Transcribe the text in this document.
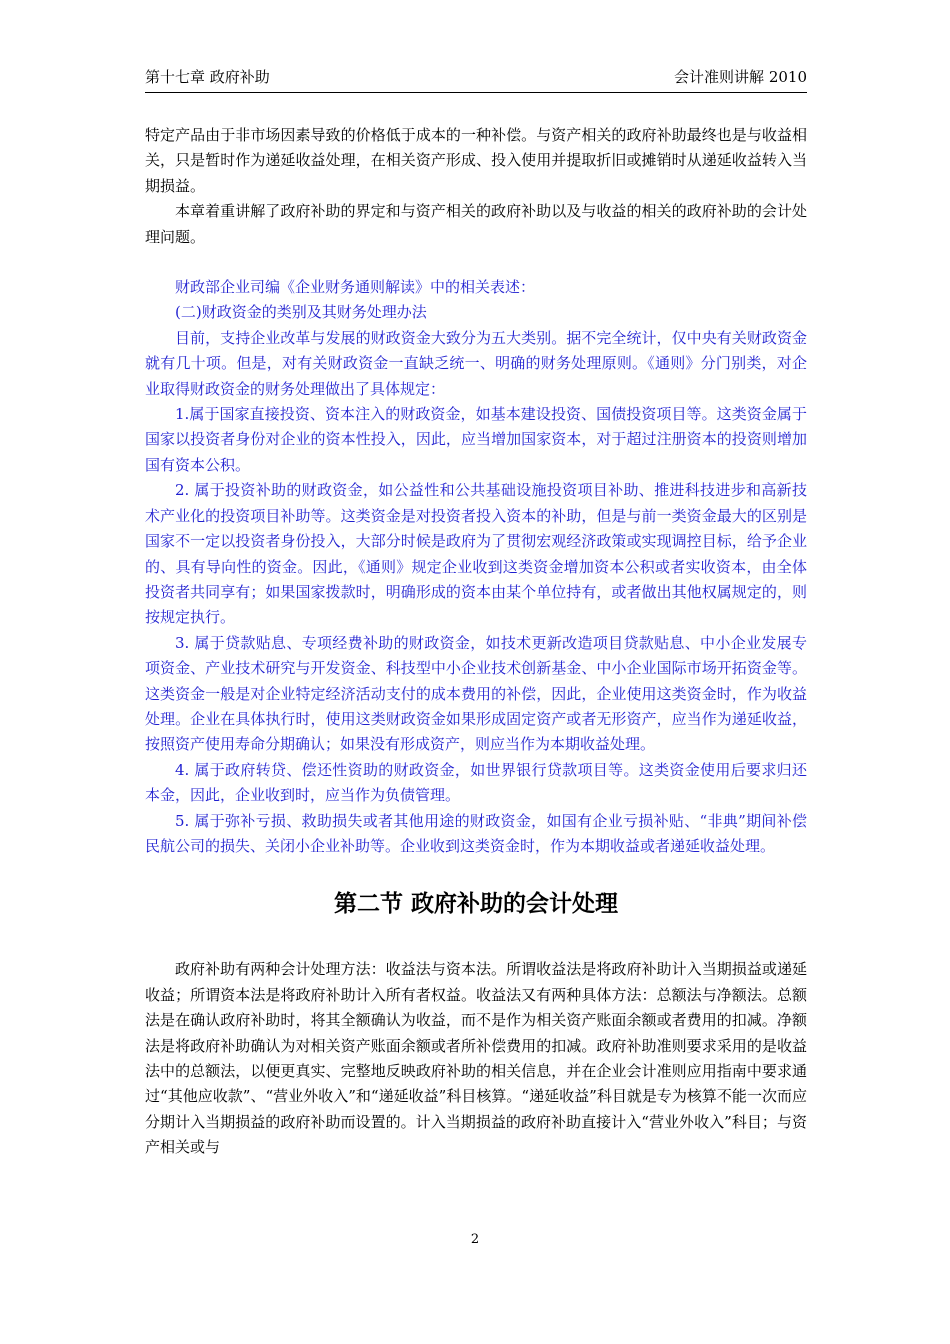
第十七章 政府补助	会计准则讲解 2010

特定产品由于非市场因素导致的价格低于成本的一种补偿。与资产相关的政府补助最终也是与收益相关，只是暂时作为递延收益处理，在相关资产形成、投入使用并提取折旧或摊销时从递延收益转入当期损益。

本章着重讲解了政府补助的界定和与资产相关的政府补助以及与收益的相关的政府补助的会计处理问题。

财政部企业司编《企业财务通则解读》中的相关表述：

(二)财政资金的类别及其财务处理办法

目前，支持企业改革与发展的财政资金大致分为五大类别。据不完全统计，仅中央有关财政资金就有几十项。但是，对有关财政资金一直缺乏统一、明确的财务处理原则。《通则》分门别类，对企业取得财政资金的财务处理做出了具体规定：

1.属于国家直接投资、资本注入的财政资金，如基本建设投资、国债投资项目等。这类资金属于国家以投资者身份对企业的资本性投入，因此，应当增加国家资本，对于超过注册资本的投资则增加国有资本公积。

2. 属于投资补助的财政资金，如公益性和公共基础设施投资项目补助、推进科技进步和高新技术产业化的投资项目补助等。这类资金是对投资者投入资本的补助，但是与前一类资金最大的区别是国家不一定以投资者身份投入，大部分时候是政府为了贯彻宏观经济政策或实现调控目标，给予企业的、具有导向性的资金。因此，《通则》规定企业收到这类资金增加资本公积或者实收资本，由全体投资者共同享有；如果国家拨款时，明确形成的资本由某个单位持有，或者做出其他权属规定的，则按规定执行。

3. 属于贷款贴息、专项经费补助的财政资金，如技术更新改造项目贷款贴息、中小企业发展专项资金、产业技术研究与开发资金、科技型中小企业技术创新基金、中小企业国际市场开拓资金等。这类资金一般是对企业特定经济活动支付的成本费用的补偿，因此，企业使用这类资金时，作为收益处理。企业在具体执行时，使用这类财政资金如果形成固定资产或者无形资产，应当作为递延收益，按照资产使用寿命分期确认；如果没有形成资产，则应当作为本期收益处理。

4. 属于政府转贷、偿还性资助的财政资金，如世界银行贷款项目等。这类资金使用后要求归还本金，因此，企业收到时，应当作为负债管理。

5. 属于弥补亏损、救助损失或者其他用途的财政资金，如国有企业亏损补贴、“非典”期间补偿民航公司的损失、关闭小企业补助等。企业收到这类资金时，作为本期收益或者递延收益处理。

第二节 政府补助的会计处理

政府补助有两种会计处理方法：收益法与资本法。所谓收益法是将政府补助计入当期损益或递延收益；所谓资本法是将政府补助计入所有者权益。收益法又有两种具体方法：总额法与净额法。总额法是在确认政府补助时，将其全额确认为收益，而不是作为相关资产账面余额或者费用的扣减。净额法是将政府补助确认为对相关资产账面余额或者所补偿费用的扣减。政府补助准则要求采用的是收益法中的总额法，以便更真实、完整地反映政府补助的相关信息，并在企业会计准则应用指南中要求通过“其他应收款”、“营业外收入”和“递延收益”科目核算。“递延收益”科目就是专为核算不能一次而应分期计入当期损益的政府补助而设置的。计入当期损益的政府补助直接计入“营业外收入”科目；与资产相关或与

2
